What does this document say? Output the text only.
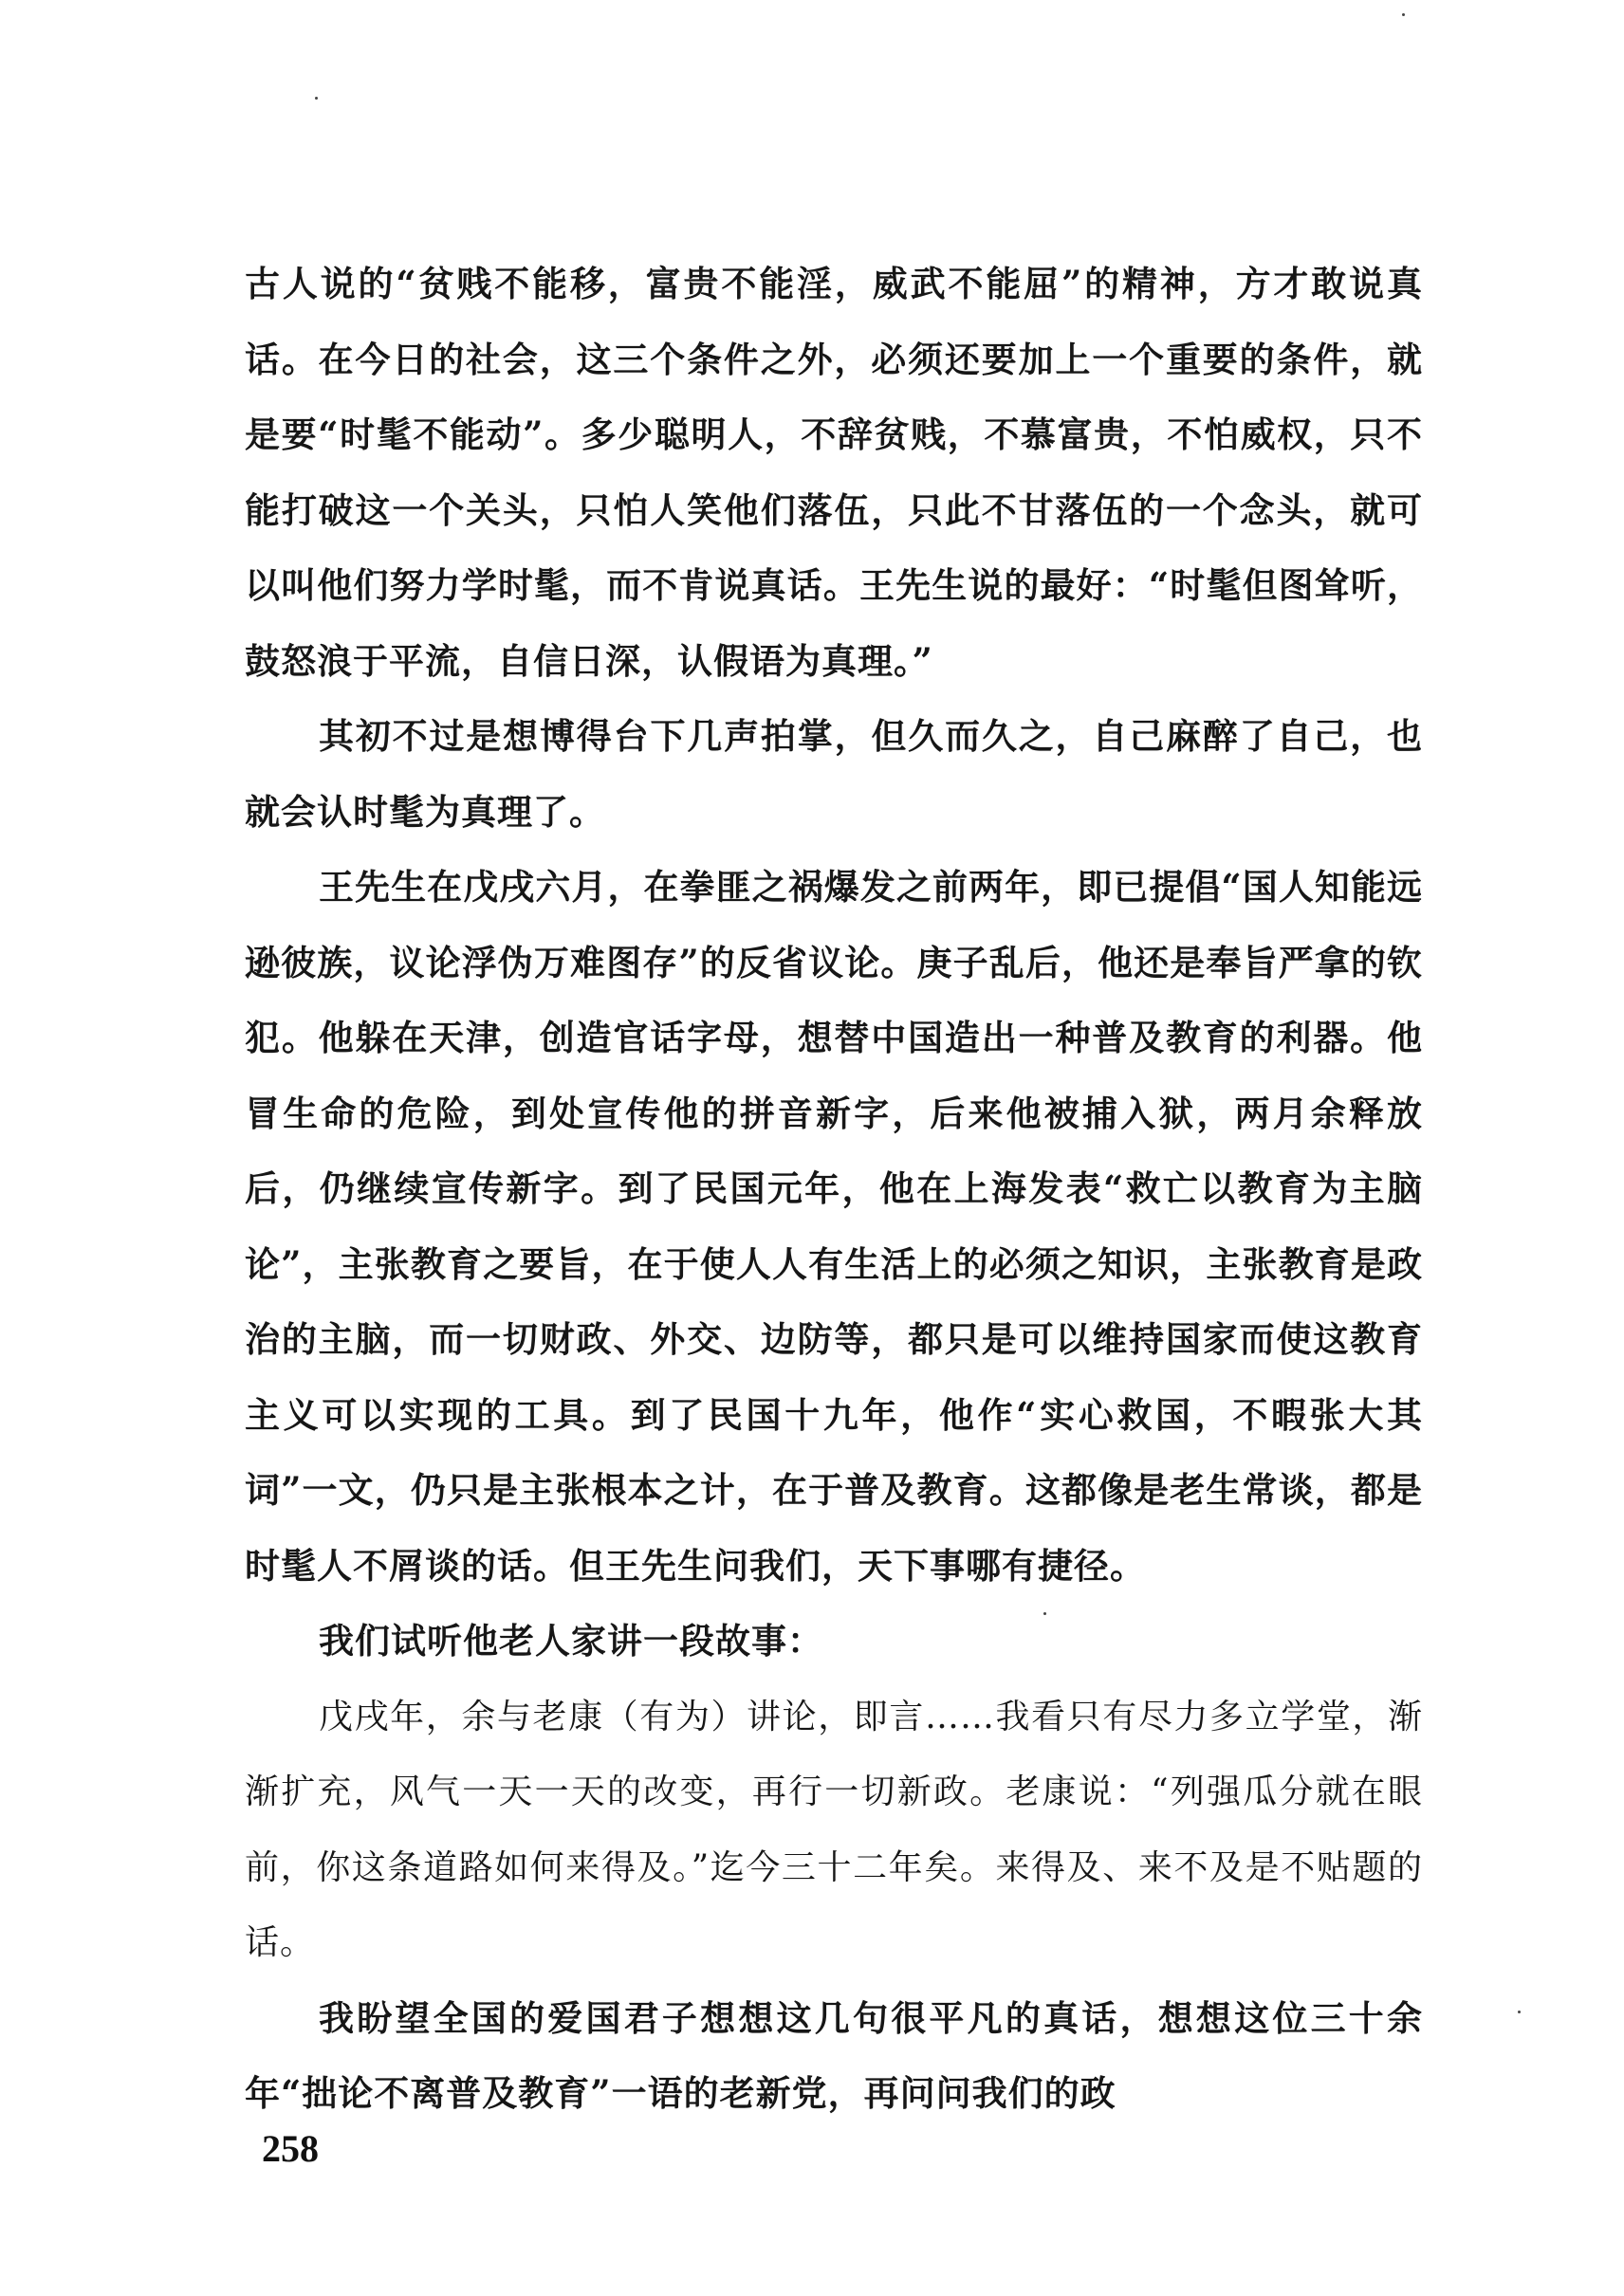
古人说的“贫贱不能移，富贵不能淫，威武不能屈”的精神，方才敢说真话。在今日的社会，这三个条件之外，必须还要加上一个重要的条件，就是要“时髦不能动”。多少聪明人，不辞贫贱，不慕富贵，不怕威权，只不能打破这一个关头，只怕人笑他们落伍，只此不甘落伍的一个念头，就可以叫他们努力学时髦，而不肯说真话。王先生说的最好：“时髦但图耸听，鼓怒浪于平流，自信日深，认假语为真理。”

其初不过是想博得台下几声拍掌，但久而久之，自己麻醉了自己，也就会认时髦为真理了。

王先生在戊戌六月，在拳匪之祸爆发之前两年，即已提倡“国人知能远逊彼族，议论浮伪万难图存”的反省议论。庚子乱后，他还是奉旨严拿的钦犯。他躲在天津，创造官话字母，想替中国造出一种普及教育的利器。他冒生命的危险，到处宣传他的拼音新字，后来他被捕入狱，两月余释放后，仍继续宣传新字。到了民国元年，他在上海发表“救亡以教育为主脑论”，主张教育之要旨，在于使人人有生活上的必须之知识，主张教育是政治的主脑，而一切财政、外交、边防等，都只是可以维持国家而使这教育主义可以实现的工具。到了民国十九年，他作“实心救国，不暇张大其词”一文，仍只是主张根本之计，在于普及教育。这都像是老生常谈，都是时髦人不屑谈的话。但王先生问我们，天下事哪有捷径。

我们试听他老人家讲一段故事：

戊戌年，余与老康（有为）讲论，即言……我看只有尽力多立学堂，渐渐扩充，风气一天一天的改变，再行一切新政。老康说：“列强瓜分就在眼前，你这条道路如何来得及。”迄今三十二年矣。来得及、来不及是不贴题的话。

我盼望全国的爱国君子想想这几句很平凡的真话，想想这位三十余年“拙论不离普及教育”一语的老新党，再问问我们的政

258
